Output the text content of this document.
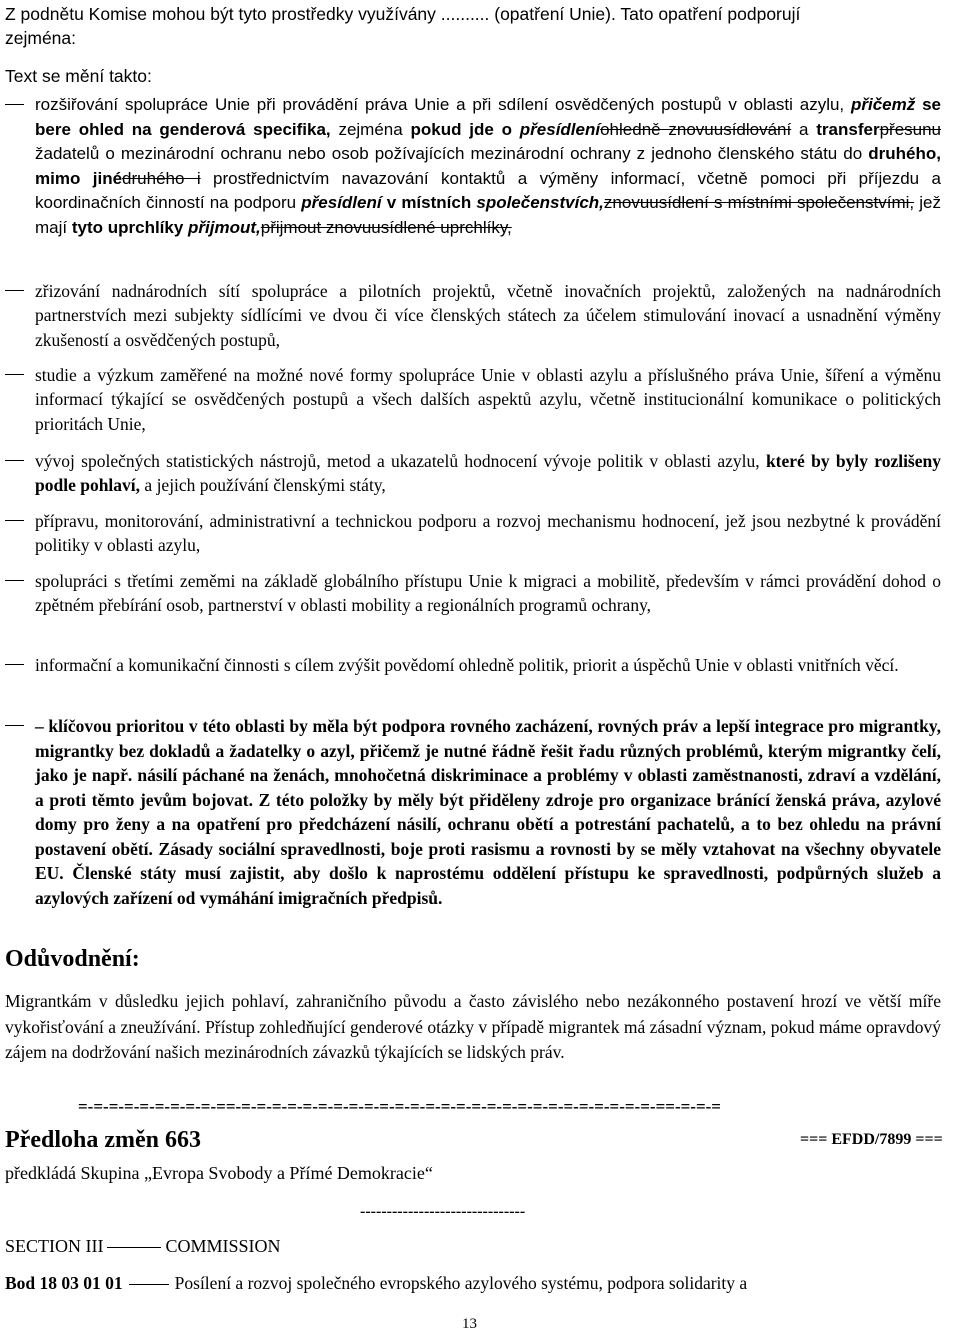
Z podnětu Komise mohou být tyto prostředky využívány .......... (opatření Unie). Tato opatření podporují
zejména:
Text se mění takto:
rozšiřování spolupráce Unie při provádění práva Unie a při sdílení osvědčených postupů v oblasti azylu, přičemž se bere ohled na genderová specifika, zejména pokud jde o přesídleníohledně znovuusídlování a transferpřesunu žadatelů o mezinárodní ochranu nebo osob požívajících mezinárodní ochrany z jednoho členského státu do druhého, mimo jinédruhého i prostřednictvím navazování kontaktů a výměny informací, včetně pomoci při příjezdu a koordinačních činností na podporu přesídlení v místních společenstvích,znovuusídlení s místními společenstvími, jež mají tyto uprchlíky přijmout,přijmout znovuusídlené uprchlíky,
zřizování nadnárodních sítí spolupráce a pilotních projektů, včetně inovačních projektů, založených na nadnárodních partnerstvích mezi subjekty sídlícími ve dvou či více členských státech za účelem stimulování inovací a usnadnění výměny zkušeností a osvědčených postupů,
studie a výzkum zaměřené na možné nové formy spolupráce Unie v oblasti azylu a příslušného práva Unie, šíření a výměnu informací týkající se osvědčených postupů a všech dalších aspektů azylu, včetně institucionální komunikace o politických prioritách Unie,
vývoj společných statistických nástrojů, metod a ukazatelů hodnocení vývoje politik v oblasti azylu, které by byly rozlišeny podle pohlaví, a jejich používání členskými státy,
přípravu, monitorování, administrativní a technickou podporu a rozvoj mechanismu hodnocení, jež jsou nezbytné k provádění politiky v oblasti azylu,
spolupráci s třetími zeměmi na základě globálního přístupu Unie k migraci a mobilitě, především v rámci provádění dohod o zpětném přebírání osob, partnerství v oblasti mobility a regionálních programů ochrany,
informační a komunikační činnosti s cílem zvýšit povědomí ohledně politik, priorit a úspěchů Unie v oblasti vnitřních věcí.
– klíčovou prioritou v této oblasti by měla být podpora rovného zacházení, rovných práv a lepší integrace pro migrantky, migrantky bez dokladů a žadatelky o azyl, přičemž je nutné řádně řešit řadu různých problémů, kterým migrantky čelí, jako je např. násilí páchané na ženách, mnohočetná diskriminace a problémy v oblasti zaměstnanosti, zdraví a vzdělání, a proti těmto jevům bojovat. Z této položky by měly být přiděleny zdroje pro organizace bránící ženská práva, azylové domy pro ženy a na opatření pro předcházení násilí, ochranu obětí a potrestání pachatelů, a to bez ohledu na právní postavení obětí. Zásady sociální spravedlnosti, boje proti rasismu a rovnosti by se měly vztahovat na všechny obyvatele EU. Členské státy musí zajistit, aby došlo k naprostému oddělení přístupu ke spravedlnosti, podpůrných služeb a azylových zařízení od vymáhání imigračních předpisů.
Odůvodnění:
Migrantkám v důsledku jejich pohlaví, zahraničního původu a často závislého nebo nezákonného postavení hrozí ve větší míře vykořisťování a zneužívání. Přístup zohledňující genderové otázky v případě migrantek má zásadní význam, pokud máme opravdový zájem na dodržování našich mezinárodních závazků týkajících se lidských práv.
=-=-=-=-=-=-=-=-=-==-=-=-=-=-=-=-=-=-=-=-=-=-=-=-=-=-=-=-=-=-=-=-=-=-=-=-=-==-=-=-=
Předloha změn 663	=== EFDD/7899 ===
předkládá Skupina „Evropa Svobody a Přímé Demokracie“
-------------------------------
SECTION III	COMMISSION
Bod 18 03 01 01	Posílení a rozvoj společného evropského azylového systému, podpora solidarity a
13
